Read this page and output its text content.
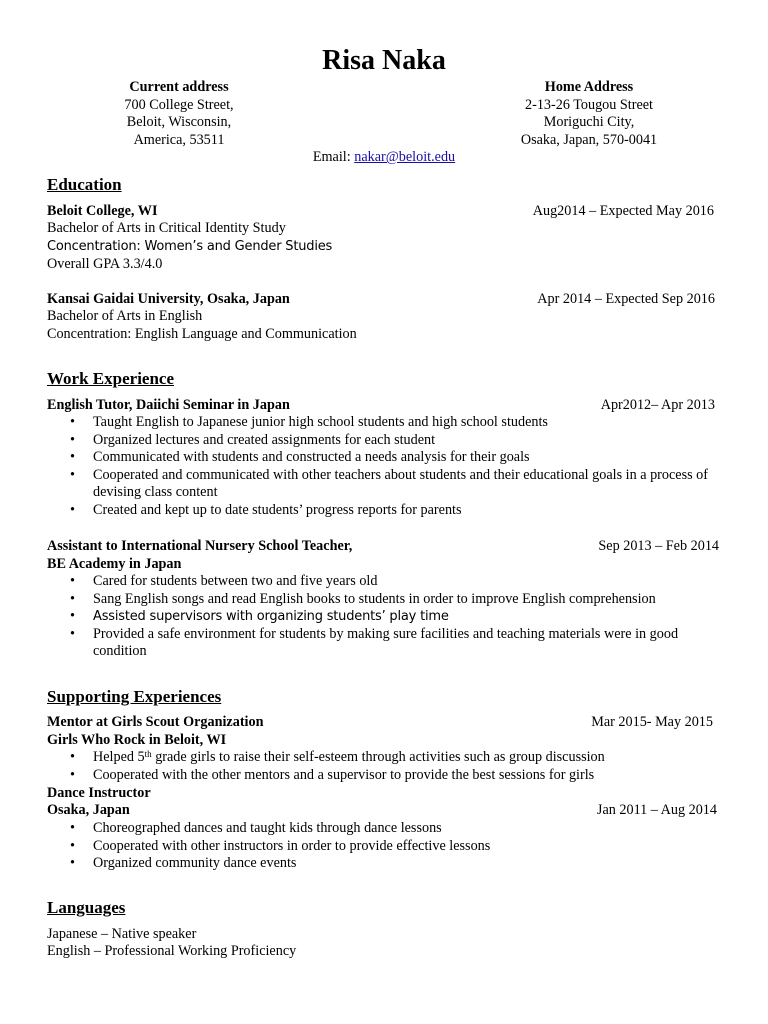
Risa Naka
Current address
700 College Street,
Beloit, Wisconsin,
America, 53511
Home Address
2-13-26 Tougou Street
Moriguchi City,
Osaka, Japan, 570-0041
Email: nakar@beloit.edu
Education
Beloit College, WI	Aug2014 – Expected May 2016
Bachelor of Arts in Critical Identity Study
Concentration: Women’s and Gender Studies
Overall GPA 3.3/4.0
Kansai Gaidai University, Osaka, Japan	Apr 2014 – Expected Sep 2016
Bachelor of Arts in English
Concentration: English Language and Communication
Work Experience
English Tutor, Daiichi Seminar in Japan	Apr2012– Apr 2013
• Taught English to Japanese junior high school students and high school students
• Organized lectures and created assignments for each student
• Communicated with students and constructed a needs analysis for their goals
• Cooperated and communicated with other teachers about students and their educational goals in a process of devising class content
• Created and kept up to date students’ progress reports for parents
Assistant to International Nursery School Teacher,	Sep 2013 – Feb 2014
BE Academy in Japan
• Cared for students between two and five years old
• Sang English songs and read English books to students in order to improve English comprehension
• Assisted supervisors with organizing students’ play time
• Provided a safe environment for students by making sure facilities and teaching materials were in good condition
Supporting Experiences
Mentor at Girls Scout Organization	Mar 2015- May 2015
Girls Who Rock in Beloit, WI
• Helped 5th grade girls to raise their self-esteem through activities such as group discussion
• Cooperated with the other mentors and a supervisor to provide the best sessions for girls
Dance Instructor
Osaka, Japan	Jan 2011 – Aug 2014
• Choreographed dances and taught kids through dance lessons
• Cooperated with other instructors in order to provide effective lessons
• Organized community dance events
Languages
Japanese – Native speaker
English – Professional Working Proficiency
